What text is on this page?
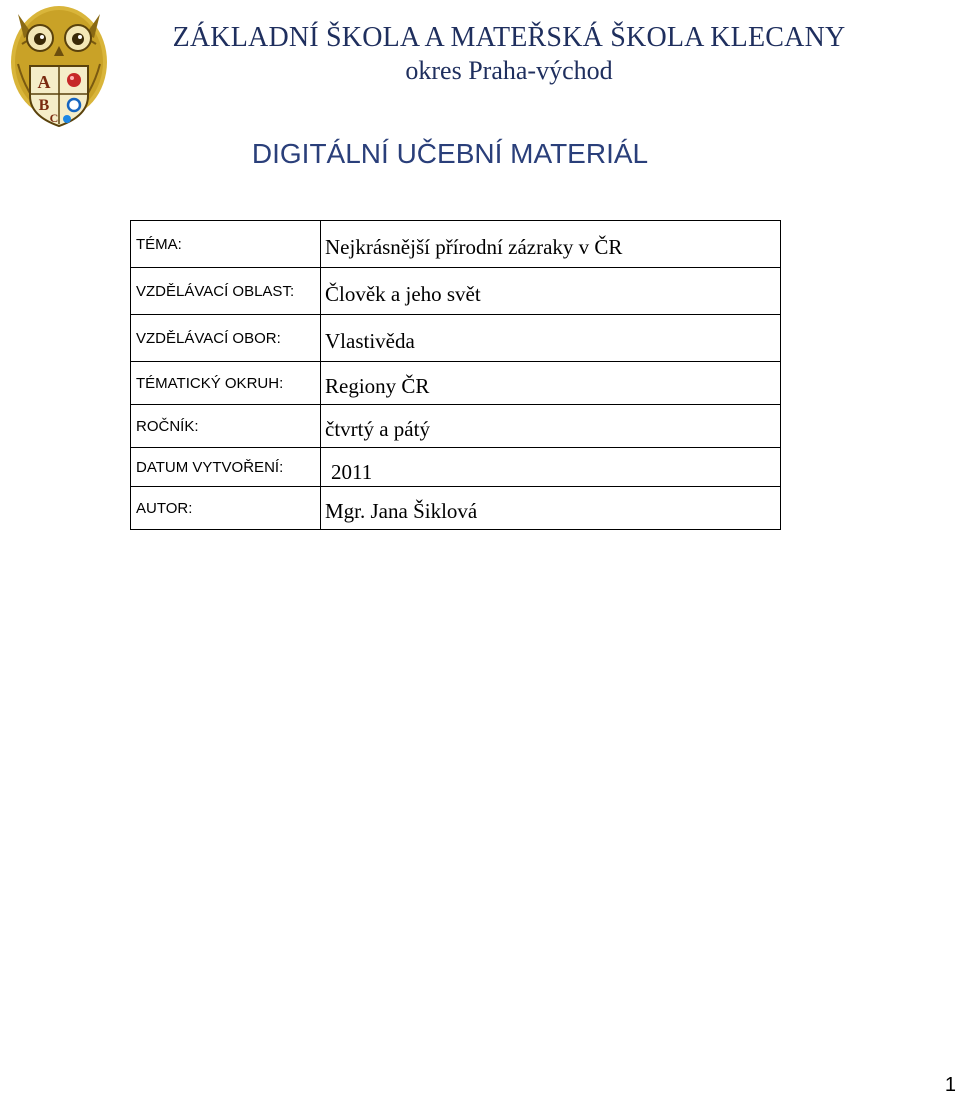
A
B
C
ZÁKLADNÍ ŠKOLA A MATEŘSKÁ ŠKOLA KLECANY
okres Praha-východ
DIGITÁLNÍ UČEBNÍ MATERIÁL
TÉMA:	Nejkrásnější přírodní zázraky v ČR
VZDĚLÁVACÍ OBLAST:	Člověk a jeho svět
VZDĚLÁVACÍ OBOR:	Vlastivěda
TÉMATICKÝ OKRUH:	Regiony ČR
ROČNÍK:	čtvrtý a pátý
DATUM VYTVOŘENÍ:	2011
AUTOR:	Mgr. Jana Šiklová
1
